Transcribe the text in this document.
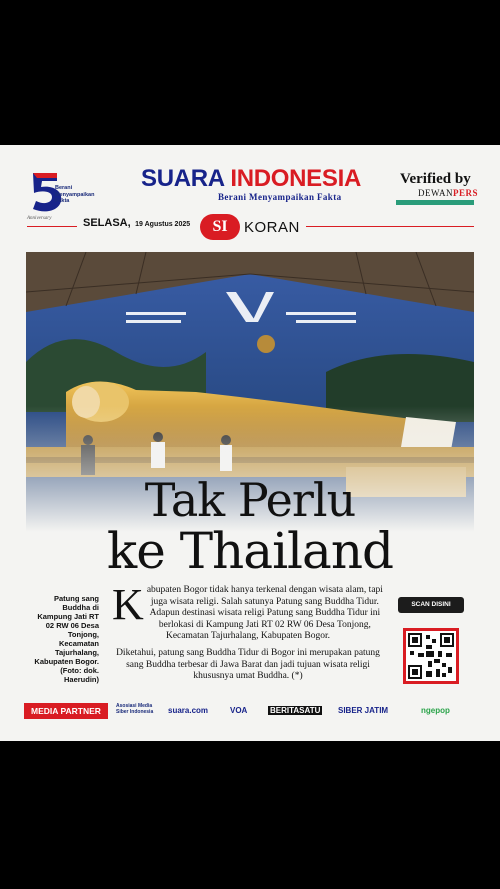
Berani
Menyampaikan
Fakta
Anniversary
SUARA INDONESIA
Berani Menyampaikan Fakta
Verified by
DEWANPERS
SELASA, 19 Agustus 2025	SI	KORAN
Tak Perlu
ke Thailand
Patung sang Buddha di Kampung Jati RT 02 RW 06 Desa Tonjong, Kecamatan Tajurhalang, Kabupaten Bogor. (Foto: dok. Haerudin)

Kabupaten Bogor tidak hanya terkenal dengan wisata alam, tapi juga wisata religi. Salah satunya Patung sang Buddha Tidur. Adapun destinasi wisata religi Patung sang Buddha Tidur ini berlokasi di Kampung Jati RT 02 RW 06 Desa Tonjong, Kecamatan Tajurhalang, Kabupaten Bogor.

Diketahui, patung sang Buddha Tidur di Bogor ini merupakan patung sang Buddha terbesar di Jawa Barat dan jadi tujuan wisata religi khususnya umat Buddha. (*)

SCAN DISINI
MEDIA PARTNER	Asosiasi Media Siber Indonesia	suara.com	VOA	BERITASATU SIBER JATIM	ngepop
